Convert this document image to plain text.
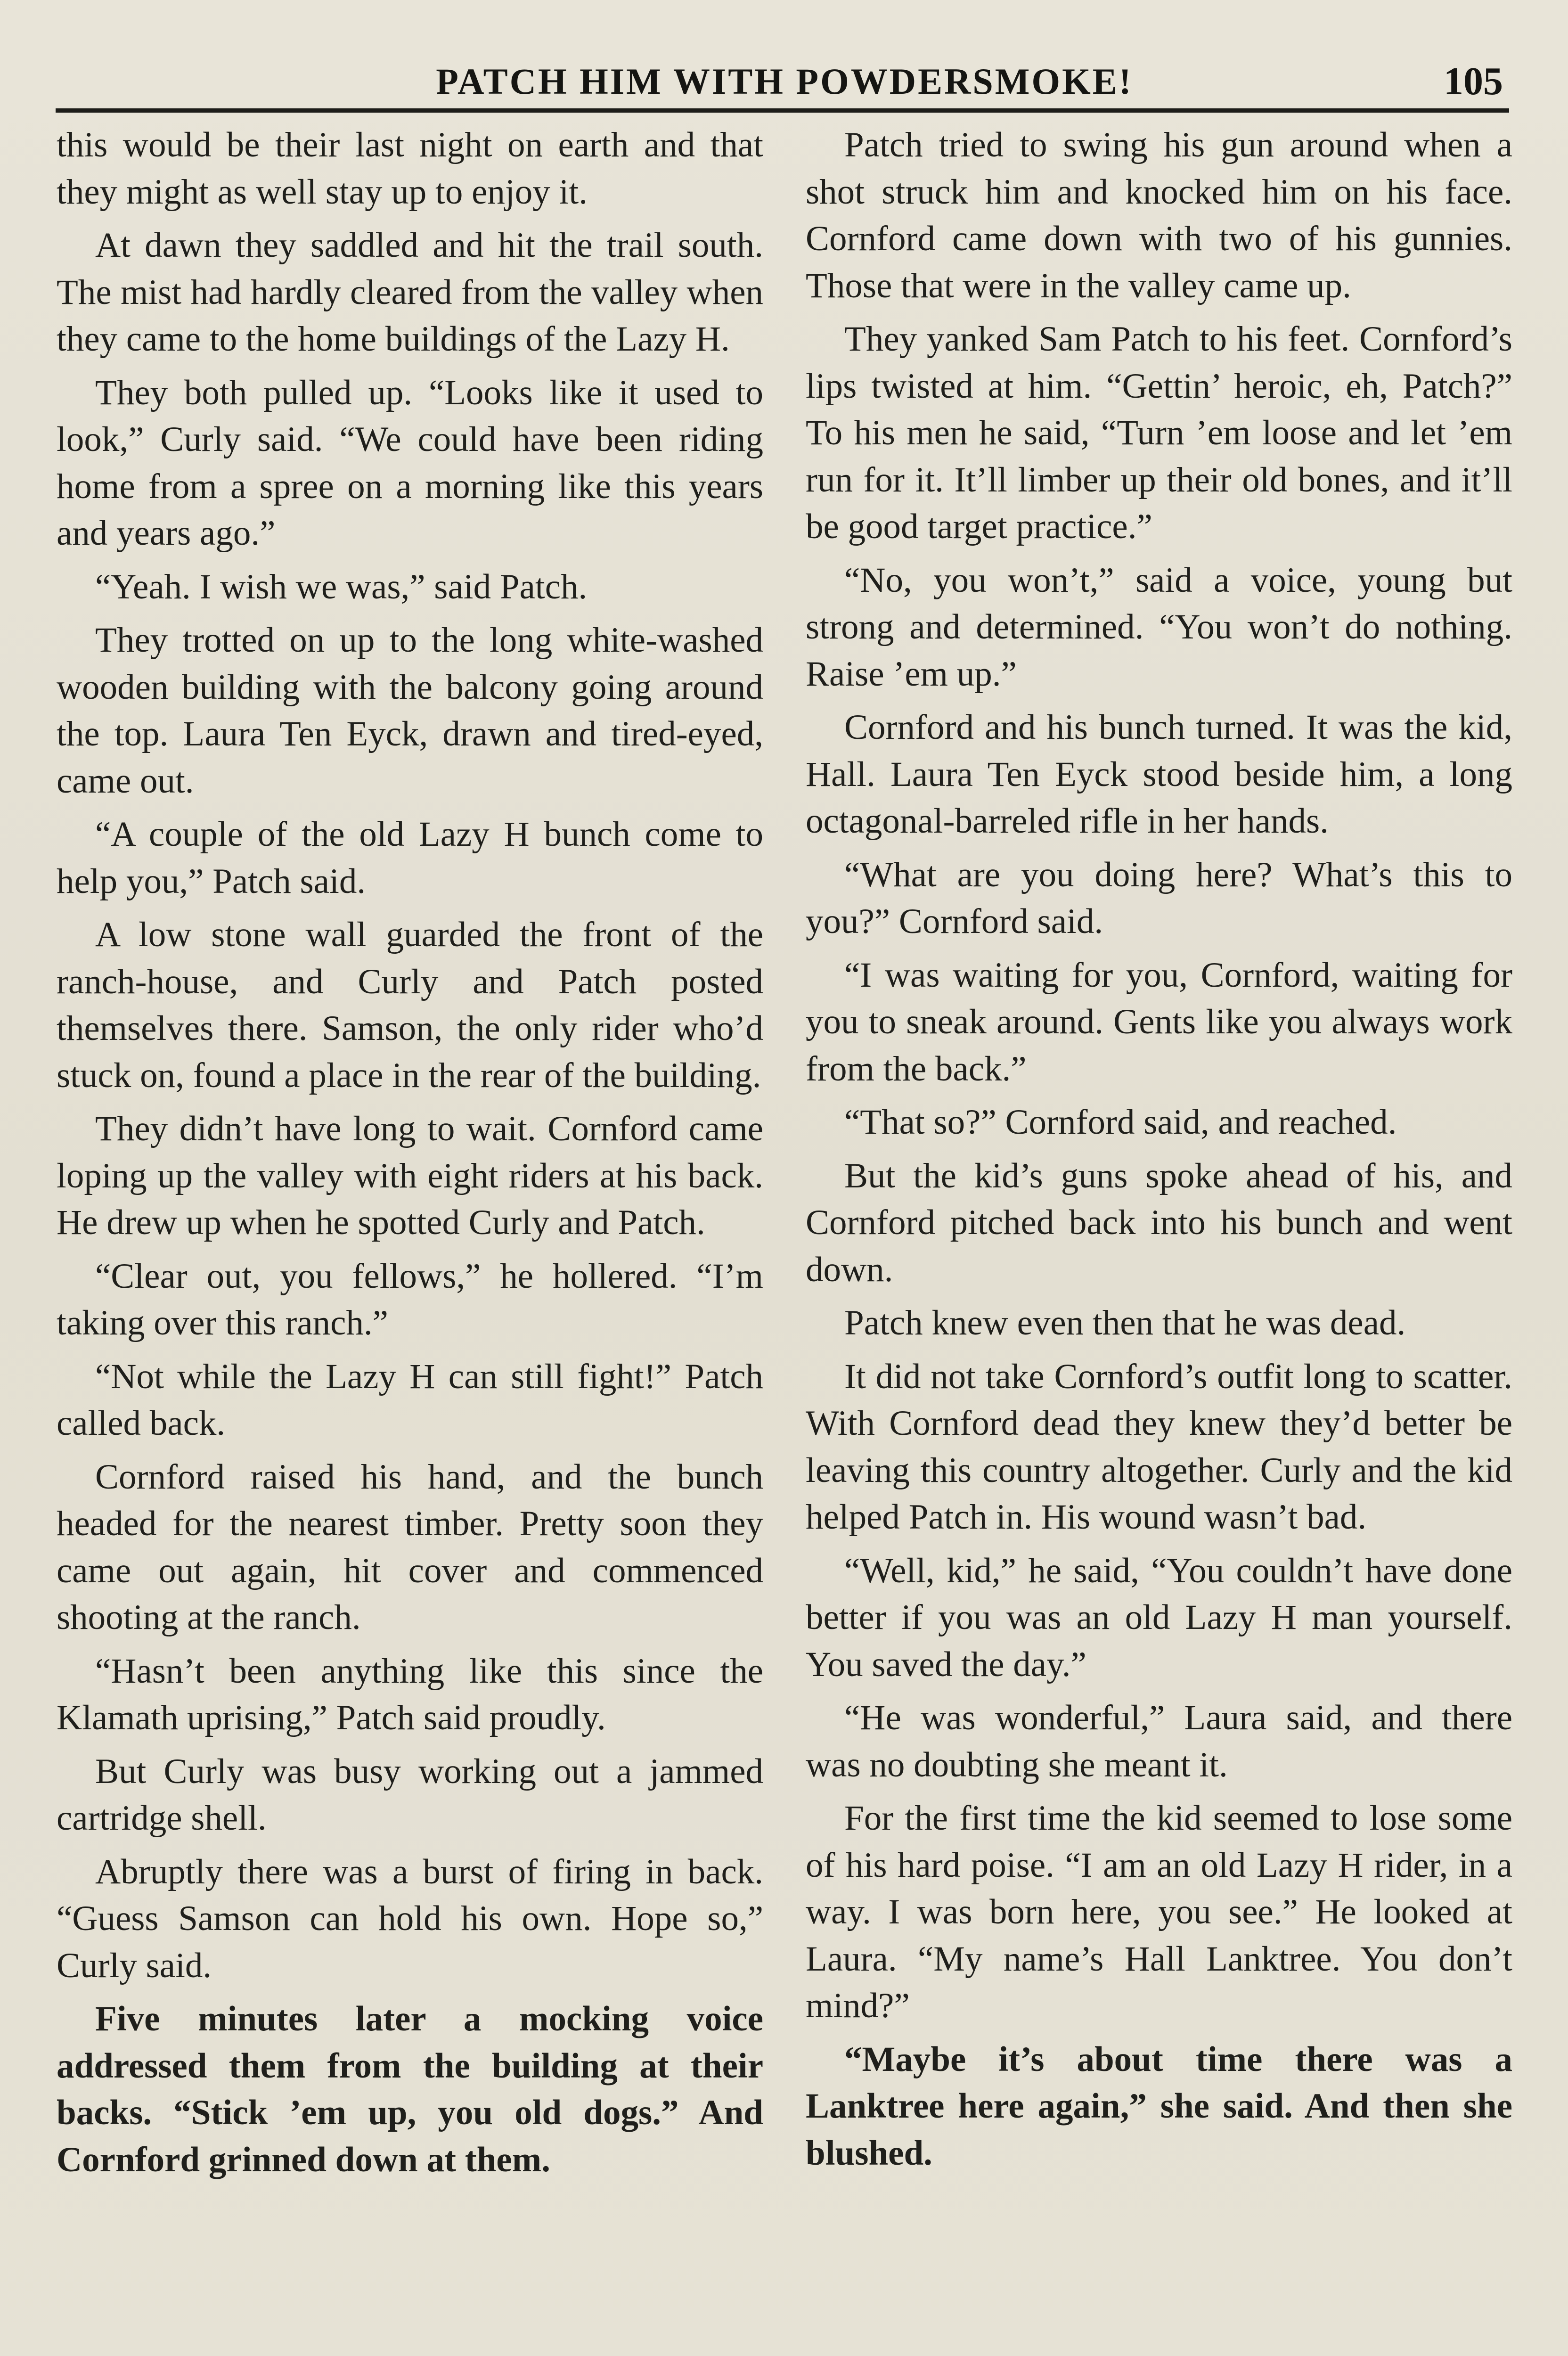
PATCH HIM WITH POWDERSMOKE!	105

this would be their last night on earth and that they might as well stay up to enjoy it.

At dawn they saddled and hit the trail south. The mist had hardly cleared from the valley when they came to the home buildings of the Lazy H.

They both pulled up. “Looks like it used to look,” Curly said. “We could have been riding home from a spree on a morning like this years and years ago.”

“Yeah. I wish we was,” said Patch.

They trotted on up to the long white-washed wooden building with the balcony going around the top. Laura Ten Eyck, drawn and tired-eyed, came out.

“A couple of the old Lazy H bunch come to help you,” Patch said.

A low stone wall guarded the front of the ranch-house, and Curly and Patch posted themselves there. Samson, the only rider who’d stuck on, found a place in the rear of the building.

They didn’t have long to wait. Cornford came loping up the valley with eight riders at his back. He drew up when he spotted Curly and Patch.

“Clear out, you fellows,” he hollered. “I’m taking over this ranch.”

“Not while the Lazy H can still fight!” Patch called back.

Cornford raised his hand, and the bunch headed for the nearest timber. Pretty soon they came out again, hit cover and commenced shooting at the ranch.

“Hasn’t been anything like this since the Klamath uprising,” Patch said proudly.

But Curly was busy working out a jammed cartridge shell.

Abruptly there was a burst of firing in back. “Guess Samson can hold his own. Hope so,” Curly said.

Five minutes later a mocking voice addressed them from the building at their backs. “Stick ’em up, you old dogs.” And Cornford grinned down at them.

Patch tried to swing his gun around when a shot struck him and knocked him on his face. Cornford came down with two of his gunnies. Those that were in the valley came up.

They yanked Sam Patch to his feet. Cornford’s lips twisted at him. “Gettin’ heroic, eh, Patch?” To his men he said, “Turn ’em loose and let ’em run for it. It’ll limber up their old bones, and it’ll be good target practice.”

“No, you won’t,” said a voice, young but strong and determined. “You won’t do nothing. Raise ’em up.”

Cornford and his bunch turned. It was the kid, Hall. Laura Ten Eyck stood beside him, a long octagonal-barreled rifle in her hands.

“What are you doing here? What’s this to you?” Cornford said.

“I was waiting for you, Cornford, waiting for you to sneak around. Gents like you always work from the back.”

“That so?” Cornford said, and reached.

But the kid’s guns spoke ahead of his, and Cornford pitched back into his bunch and went down.

Patch knew even then that he was dead.

It did not take Cornford’s outfit long to scatter. With Cornford dead they knew they’d better be leaving this country altogether. Curly and the kid helped Patch in. His wound wasn’t bad.

“Well, kid,” he said, “You couldn’t have done better if you was an old Lazy H man yourself. You saved the day.”

“He was wonderful,” Laura said, and there was no doubting she meant it.

For the first time the kid seemed to lose some of his hard poise. “I am an old Lazy H rider, in a way. I was born here, you see.” He looked at Laura. “My name’s Hall Lanktree. You don’t mind?”

“Maybe it’s about time there was a Lanktree here again,” she said. And then she blushed.
